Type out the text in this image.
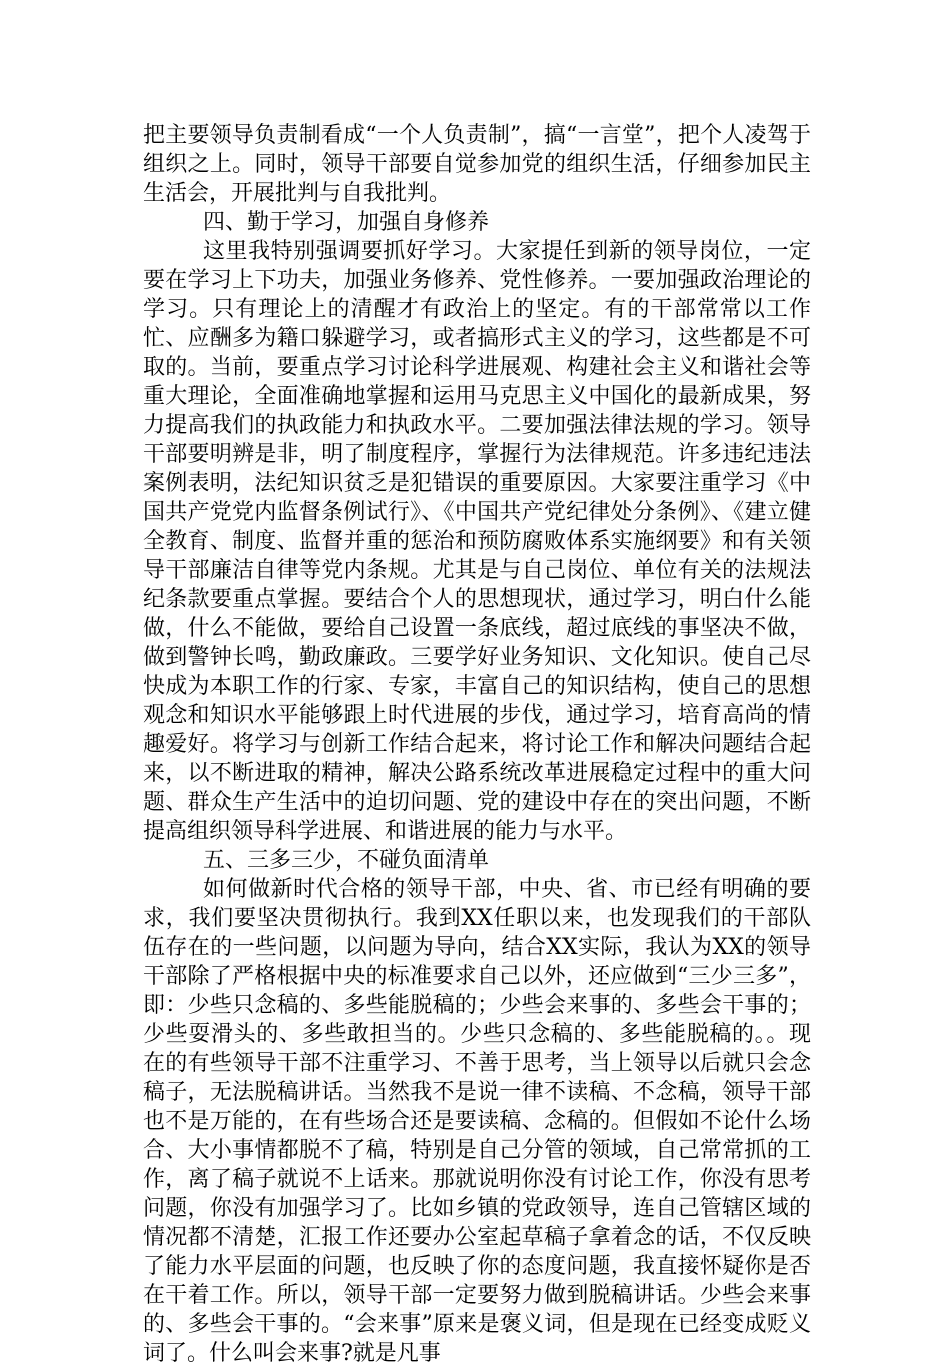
把主要领导负责制看成“一个人负责制”，搞“一言堂”，把个人凌驾于组织之上。同时，领导干部要自觉参加党的组织生活，仔细参加民主生活会，开展批判与自我批判。

四、勤于学习，加强自身修养

这里我特别强调要抓好学习。大家提任到新的领导岗位，一定要在学习上下功夫，加强业务修养、党性修养。一要加强政治理论的学习。只有理论上的清醒才有政治上的坚定。有的干部常常以工作忙、应酬多为籍口躲避学习，或者搞形式主义的学习，这些都是不可取的。当前，要重点学习讨论科学进展观、构建社会主义和谐社会等重大理论，全面准确地掌握和运用马克思主义中国化的最新成果，努力提高我们的执政能力和执政水平。二要加强法律法规的学习。领导干部要明辨是非，明了制度程序，掌握行为法律规范。许多违纪违法案例表明，法纪知识贫乏是犯错误的重要原因。大家要注重学习《中国共产党党内监督条例试行》、《中国共产党纪律处分条例》、《建立健全教育、制度、监督并重的惩治和预防腐败体系实施纲要》和有关领导干部廉洁自律等党内条规。尤其是与自己岗位、单位有关的法规法纪条款要重点掌握。要结合个人的思想现状，通过学习，明白什么能做，什么不能做，要给自己设置一条底线，超过底线的事坚决不做，做到警钟长鸣，勤政廉政。三要学好业务知识、文化知识。使自己尽快成为本职工作的行家、专家，丰富自己的知识结构，使自己的思想观念和知识水平能够跟上时代进展的步伐，通过学习，培育高尚的情趣爱好。将学习与创新工作结合起来，将讨论工作和解决问题结合起来，以不断进取的精神，解决公路系统改革进展稳定过程中的重大问题、群众生产生活中的迫切问题、党的建设中存在的突出问题，不断提高组织领导科学进展、和谐进展的能力与水平。

五、三多三少，不碰负面清单

如何做新时代合格的领导干部，中央、省、市已经有明确的要求，我们要坚决贯彻执行。我到XX任职以来，也发现我们的干部队伍存在的一些问题，以问题为导向，结合XX实际，我认为XX的领导干部除了严格根据中央的标准要求自己以外，还应做到“三少三多”，即：少些只念稿的、多些能脱稿的；少些会来事的、多些会干事的；少些耍滑头的、多些敢担当的。少些只念稿的、多些能脱稿的。。现在的有些领导干部不注重学习、不善于思考，当上领导以后就只会念稿子，无法脱稿讲话。当然我不是说一律不读稿、不念稿，领导干部也不是万能的，在有些场合还是要读稿、念稿的。但假如不论什么场合、大小事情都脱不了稿，特别是自己分管的领域，自己常常抓的工作，离了稿子就说不上话来。那就说明你没有讨论工作，你没有思考问题，你没有加强学习了。比如乡镇的党政领导，连自己管辖区域的情况都不清楚，汇报工作还要办公室起草稿子拿着念的话，不仅反映了能力水平层面的问题，也反映了你的态度问题，我直接怀疑你是否在干着工作。所以，领导干部一定要努力做到脱稿讲话。少些会来事的、多些会干事的。“会来事”原来是褒义词，但是现在已经变成贬义词了。什么叫会来事?就是凡事
